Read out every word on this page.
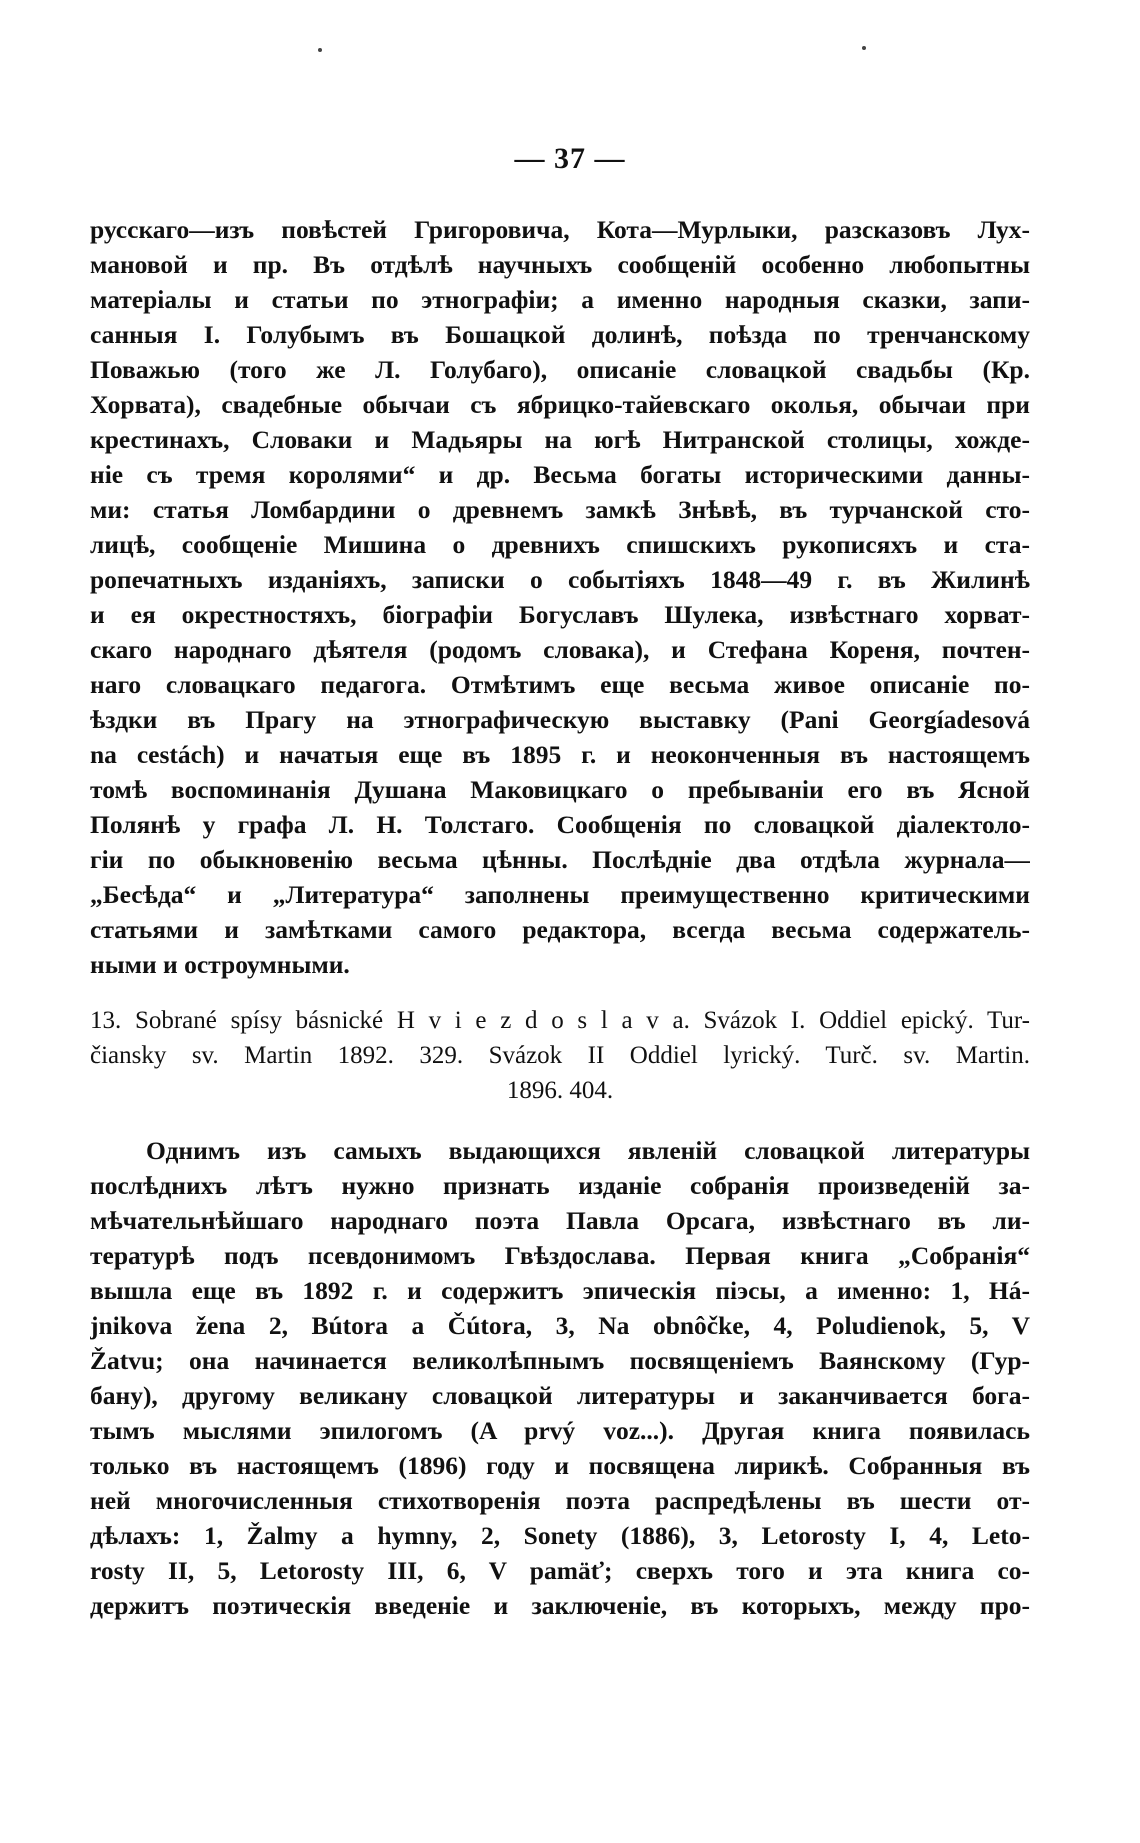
— 37 —
русскаго—изъ повѣстей Григоровича, Кота—Мурлыки, разсказовъ Лух-
мановой и пр. Въ отдѣлѣ научныхъ сообщеній особенно любопытны
матеріалы и статьи по этнографіи; а именно народныя сказки, запи-
санныя І. Голубымъ въ Бошацкой долинѣ, поѣзда по тренчанскому
Поважью (того же Л. Голубаго), описаніе словацкой свадьбы (Кр.
Хорвата), свадебные обычаи съ ябрицко-тайевскаго околья, обычаи при
крестинахъ, Словаки и Мадьяры на югѣ Нитранской столицы, хожде-
ніе съ тремя королями“ и др. Весьма богаты историческими данны-
ми: статья Ломбардини о древнемъ замкѣ Знѣвѣ, въ турчанской сто-
лицѣ, сообщеніе Мишина о древнихъ спишскихъ рукописяхъ и ста-
ропечатныхъ изданіяхъ, записки о событіяхъ 1848—49 г. въ Жилинѣ
и ея окрестностяхъ, біографіи Богуславъ Шулека, извѣстнаго хорват-
скаго народнаго дѣятеля (родомъ словака), и Стефана Кореня, почтен-
наго словацкаго педагога. Отмѣтимъ еще весьма живое описаніе по-
ѣздки въ Прагу на этнографическую выставку (Pani Georgíadesová
na cestách) и начатыя еще въ 1895 г. и неоконченныя въ настоящемъ
томѣ воспоминанія Душана Маковицкаго о пребываніи его въ Ясной
Полянѣ у графа Л. Н. Толстаго. Сообщенія по словацкой діалектоло-
гіи по обыкновенію весьма цѣнны. Послѣдніе два отдѣла журнала—
„Бесѣда“ и „Литература“ заполнены преимущественно критическими
статьями и замѣтками самого редактора, всегда весьма содержатель-
ными и остроумными.
13. Sobrané spísy básnické H v i e z d o s l a v a. Svázok I. Oddiel epický. Tur-
čiansky sv. Martin 1892. 329. Svázok II Oddiel lyrický. Turč. sv. Martin.
1896. 404.
Однимъ изъ самыхъ выдающихся явленій словацкой литературы
послѣднихъ лѣтъ нужно признать изданіе собранія произведеній за-
мѣчательнѣйшаго народнаго поэта Павла Орсага, извѣстнаго въ ли-
тературѣ подъ псевдонимомъ Гвѣздослава. Первая книга „Собранія“
вышла еще въ 1892 г. и содержитъ эпическія пiэсы, а именно: 1, Há-
jnikova žena 2, Bútora a Čútora, 3, Na obnôčke, 4, Poludienok, 5, V
Žatvu; она начинается великолѣпнымъ посвященіемъ Ваянскому (Гур-
бану), другому великану словацкой литературы и заканчивается бога-
тымъ мыслями эпилогомъ (A prvý voz...). Другая книга появилась
только въ настоящемъ (1896) году и посвящена лирикѣ. Собранныя въ
ней многочисленныя стихотворенія поэта распредѣлены въ шести от-
дѣлахъ: 1, Žalmy a hymny, 2, Sonety (1886), 3, Letorosty I, 4, Leto-
rosty II, 5, Letorosty III, 6, V pamäť; сверхъ того и эта книга со-
держитъ поэтическія введеніе и заключеніе, въ которыхъ, между про-
